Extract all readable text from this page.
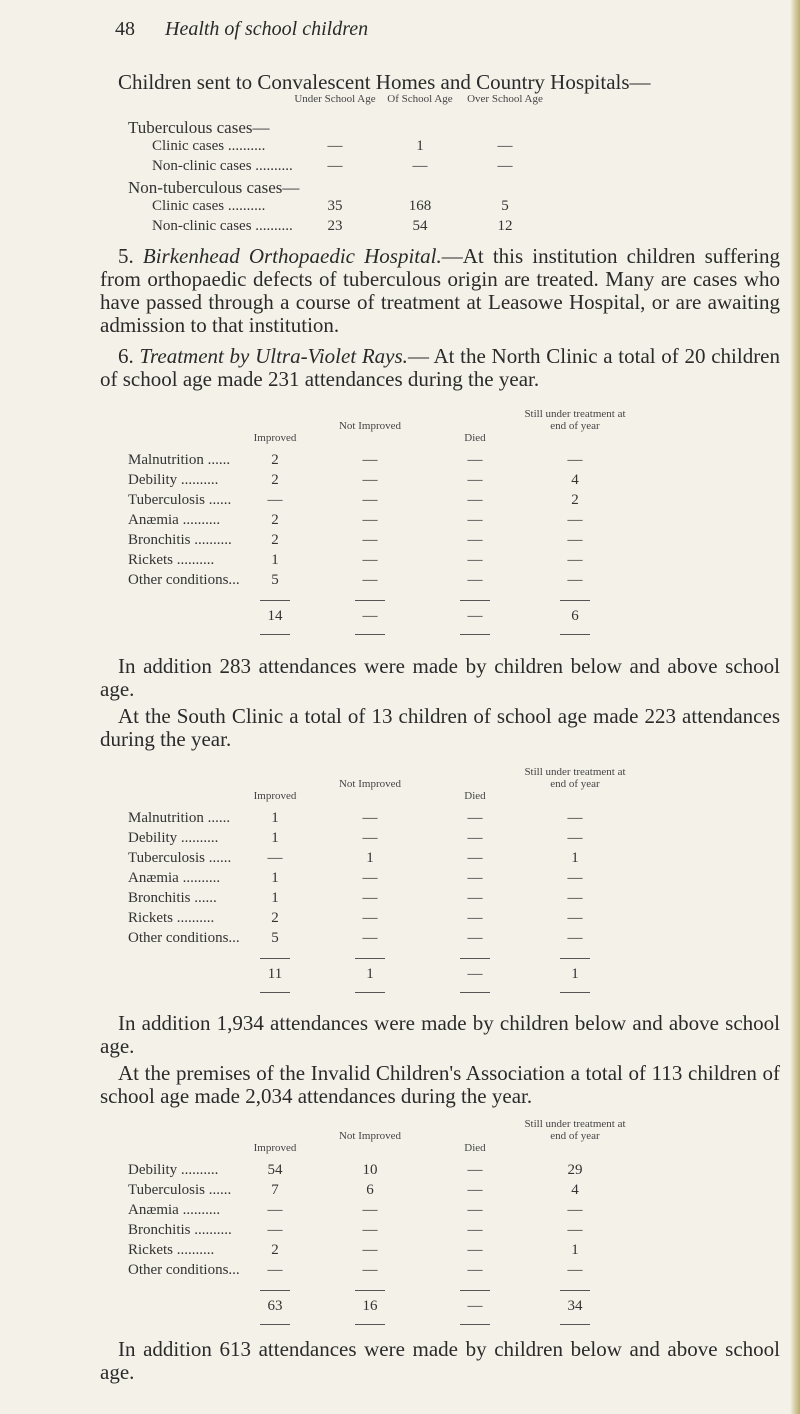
48 Health of school children
Children sent to Convalescent Homes and Country Hospitals—
Under School Age	Of School Age	Over School Age
Tuberculous cases—
Clinic cases ..........	—	1	—
Non-clinic cases ..........	—	—	—
Non-tuberculous cases—
Clinic cases ..........	35	168	5
Non-clinic cases ..........	23	54	12
5. Birkenhead Orthopaedic Hospital.—At this institution children suffering from orthopaedic defects of tuberculous origin are treated. Many are cases who have passed through a course of treatment at Leasowe Hospital, or are awaiting admission to that institution.
6. Treatment by Ultra-Violet Rays.— At the North Clinic a total of 20 children of school age made 231 attendances during the year.
Improved
Not Improved
Died
Still under treatment at end of year
Malnutrition ......	2	—	—	—
Debility ..........	2	—	—	4
Tuberculosis ......	—	—	—	2
Anæmia ..........	2	—	—	—
Bronchitis ..........	2	—	—	—
Rickets ..........	1	—	—	—
Other conditions...	5	—	—	—
14	—	—	6
In addition 283 attendances were made by children below and above school age.
At the South Clinic a total of 13 children of school age made 223 attendances during the year.
Improved
Not Improved
Died
Still under treatment at end of year
Malnutrition ......	1	—	—	—
Debility ..........	1	—	—	—
Tuberculosis ......	—	1	—	1
Anæmia ..........	1	—	—	—
Bronchitis ......	1	—	—	—
Rickets ..........	2	—	—	—
Other conditions...	5	—	—	—
11	1	—	1
In addition 1,934 attendances were made by children below and above school age.
At the premises of the Invalid Children's Association a total of 113 children of school age made 2,034 attendances during the year.
Improved
Not Improved
Died
Still under treatment at end of year
Debility ..........	54	10	—	29
Tuberculosis ......	7	6	—	4
Anæmia ..........	—	—	—	—
Bronchitis ..........	—	—	—	—
Rickets ..........	2	—	—	1
Other conditions...	—	—	—	—
63	16	—	34
In addition 613 attendances were made by children below and above school age.
